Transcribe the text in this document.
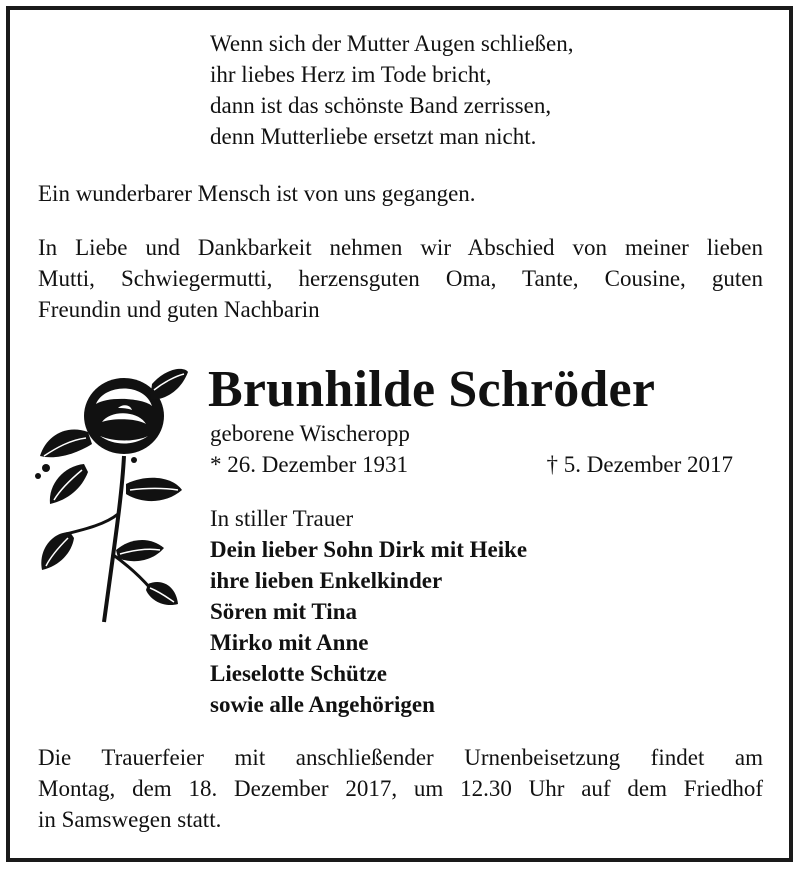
Wenn sich der Mutter Augen schließen,
ihr liebes Herz im Tode bricht,
dann ist das schönste Band zerrissen,
denn Mutterliebe ersetzt man nicht.
Ein wunderbarer Mensch ist von uns gegangen.
In Liebe und Dankbarkeit nehmen wir Abschied von meiner lieben
Mutti, Schwiegermutti, herzensguten Oma, Tante, Cousine, guten
Freundin und guten Nachbarin
Brunhilde Schröder
geborene Wischeropp
* 26. Dezember 1931	† 5. Dezember 2017
In stiller Trauer
Dein lieber Sohn Dirk mit Heike
ihre lieben Enkelkinder
Sören mit Tina
Mirko mit Anne
Lieselotte Schütze
sowie alle Angehörigen
Die Trauerfeier mit anschließender Urnenbeisetzung findet am
Montag, dem 18. Dezember 2017, um 12.30 Uhr auf dem Friedhof
in Samswegen statt.
